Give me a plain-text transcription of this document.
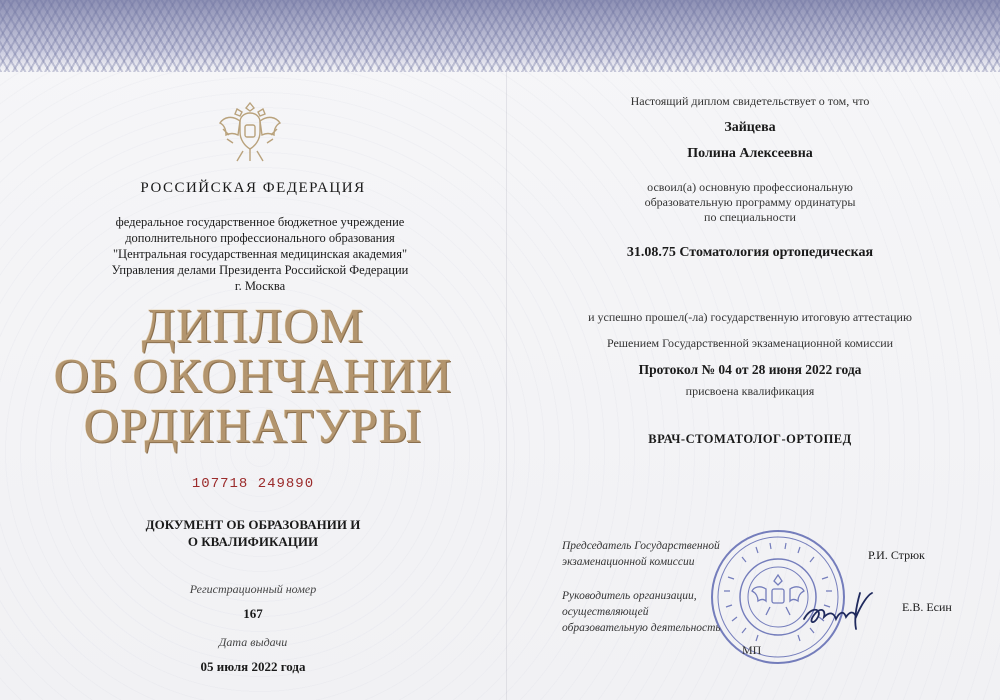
РОССИЙСКАЯ ФЕДЕРАЦИЯ
федеральное государственное бюджетное учреждение
дополнительного профессионального образования
"Центральная государственная медицинская академия"
Управления делами Президента Российской Федерации
г. Москва
ДИПЛОМ
ОБ ОКОНЧАНИИ
ОРДИНАТУРЫ
107718 249890
ДОКУМЕНТ ОБ ОБРАЗОВАНИИ И
О КВАЛИФИКАЦИИ
Регистрационный номер
167
Дата выдачи
05 июля 2022 года
Настоящий диплом свидетельствует о том, что
Зайцева
Полина Алексеевна
освоил(а) основную профессиональную
образовательную программу ординатуры
по специальности
31.08.75 Стоматология ортопедическая
и успешно прошел(-ла) государственную итоговую аттестацию
Решением Государственной экзаменационной комиссии
Протокол № 04 от 28 июня 2022 года
присвоена квалификация
ВРАЧ-СТОМАТОЛОГ-ОРТОПЕД
Председатель Государственной
экзаменационной комиссии	Р.И. Стрюк
Руководитель организации, осуществляющей
образовательную деятельность
Е.В. Есин
МП
